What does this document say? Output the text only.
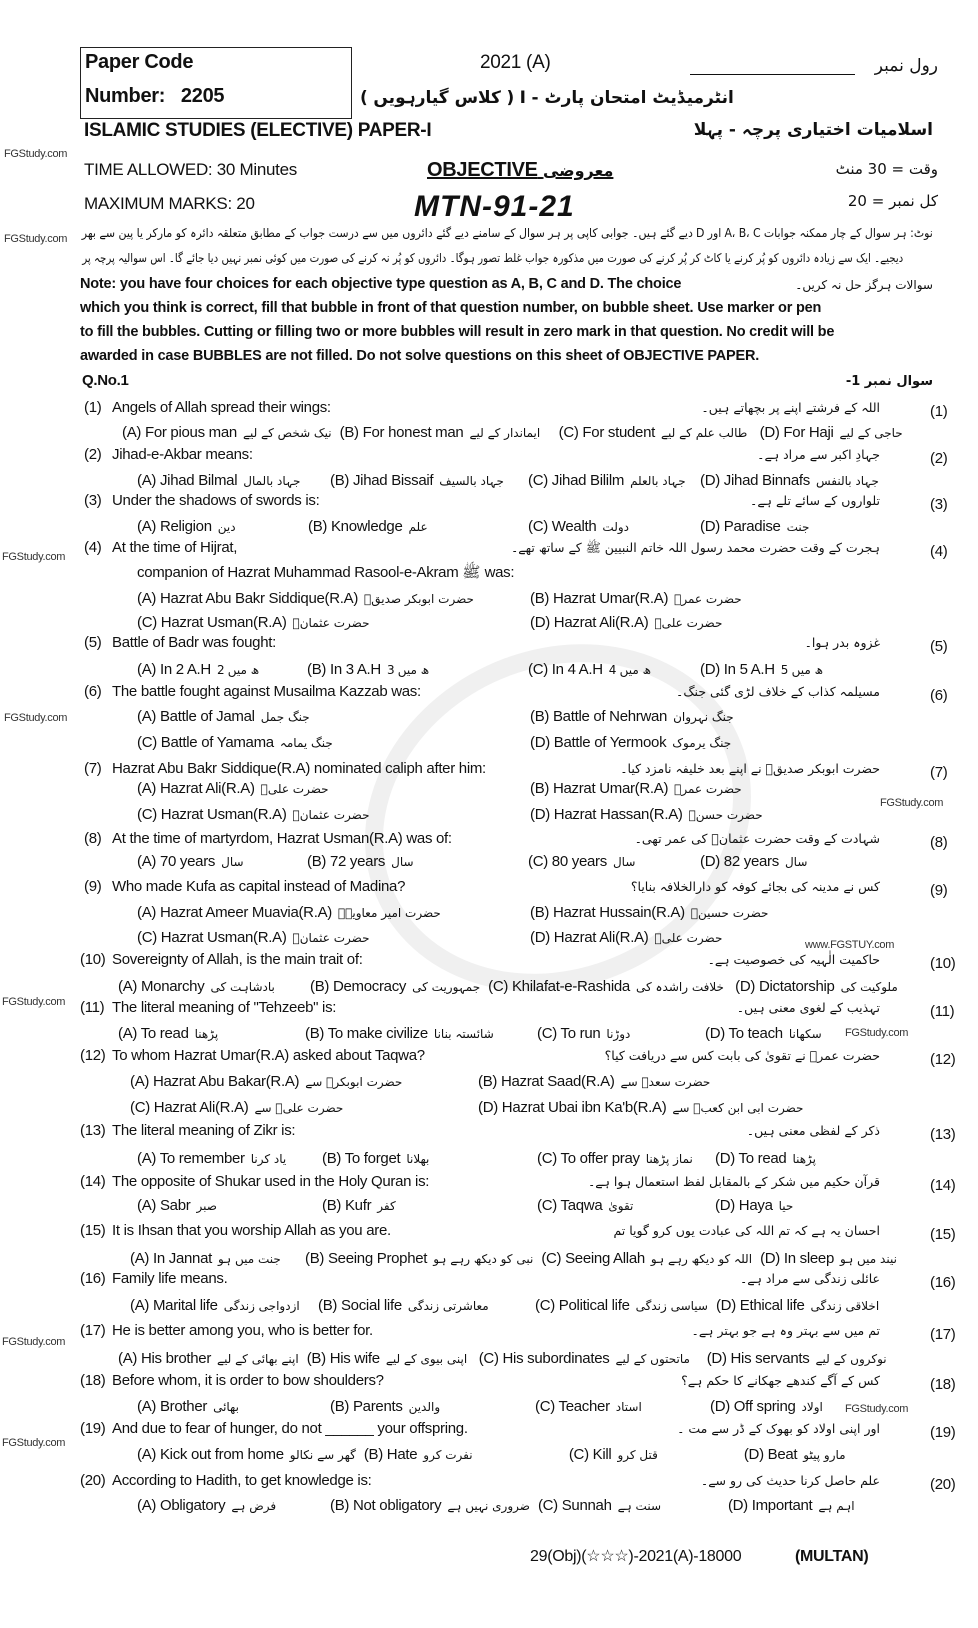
Paper Code
Number: 2205
2021 (A)	رول نمبر
انٹرمیڈیٹ امتحان پارٹ - I ( کلاس گیارہویں )
ISLAMIC STUDIES (ELECTIVE) PAPER-I	اسلامیات اختیاری پرچہ - پہلا
TIME ALLOWED: 30 Minutes	OBJECTIVE معروضی	وقت = 30 منٹ
MAXIMUM MARKS: 20	MTN-91-21	کل نمبر = 20
نوٹ: ہر سوال کے چار ممکنہ جوابات A، B، C اور D دیے گئے ہیں۔ جوابی کاپی پر ہر سوال کے سامنے دیے گئے دائروں میں سے درست جواب کے مطابق متعلقہ دائرہ کو مارکر یا پین سے بھر
دیجیے۔ ایک سے زیادہ دائروں کو پُر کرنے یا کاٹ کر پُر کرنے کی صورت میں مذکورہ جواب غلط تصور ہوگا۔ دائروں کو پُر نہ کرنے کی صورت میں کوئی نمبر نہیں دیا جائے گا۔ اس سوالیہ پرچہ پر
سوالات ہرگز حل نہ کریں۔
Note: you have four choices for each objective type question as A, B, C and D. The choice
which you think is correct, fill that bubble in front of that question number, on bubble sheet. Use marker or pen
to fill the bubbles. Cutting or filling two or more bubbles will result in zero mark in that question. No credit will be
awarded in case BUBBLES are not filled. Do not solve questions on this sheet of OBJECTIVE PAPER.
Q.No.1	سوال نمبر 1-
(1) Angels of Allah spread their wings:	اللہ کے فرشتے اپنے پر بچھاتے ہیں۔	(1)
(A) For pious man نیک شخص کے لیے (B) For honest man ایماندار کے لیے	(C) For student طالب علم کے لیے (D) For Haji حاجی کے لیے
(2) Jihad-e-Akbar means:	جہادِ اکبر سے مراد ہے۔	(2)
(A) Jihad Bilmal جہاد بالمال	(B) Jihad Bissaif جہاد بالسیف	(C) Jihad Bililm جہاد بالعلم (D) Jihad Binnafs جہاد بالنفس
(3) Under the shadows of swords is:	تلواروں کے سائے تلے ہے۔	(3)
(A) Religion دین	(B) Knowledge علم	(C) Wealth دولت	(D) Paradise جنت
(4) At the time of Hijrat,
companion of Hazrat Muhammad Rasool-e-Akram ﷺ was:
ہجرت کے وقت حضرت محمد رسول اللہ خاتم النبیین ﷺ کے ساتھ تھے۔	(4)
(A) Hazrat Abu Bakr Siddique(R.A) حضرت ابوبکر صدیقؓ	(B) Hazrat Umar(R.A) حضرت عمرؓ
(C) Hazrat Usman(R.A) حضرت عثمانؓ	(D) Hazrat Ali(R.A) حضرت علیؓ
(5) Battle of Badr was fought:	غزوہ بدر ہوا۔	(5)
(A) In 2 A.H 2 ھ میں	(B) In 3 A.H 3 ھ میں	(C) In 4 A.H 4 ھ میں	(D) In 5 A.H 5 ھ میں
(6) The battle fought against Musailma Kazzab was:	مسیلمہ کذاب کے خلاف لڑی گئی جنگ۔	(6)
(A) Battle of Jamal جنگ جمل	(B) Battle of Nehrwan جنگ نہروان
(C) Battle of Yamama جنگ یمامہ	(D) Battle of Yermook جنگ یرموک
(7) Hazrat Abu Bakr Siddique(R.A) nominated caliph after him:	حضرت ابوبکر صدیقؓ نے اپنے بعد خلیفہ نامزد کیا۔	(7)
(A) Hazrat Ali(R.A) حضرت علیؓ	(B) Hazrat Umar(R.A) حضرت عمرؓ
(C) Hazrat Usman(R.A) حضرت عثمانؓ	(D) Hazrat Hassan(R.A) حضرت حسنؓ
(8) At the time of martyrdom, Hazrat Usman(R.A) was of:	شہادت کے وقت حضرت عثمانؓ کی عمر تھی۔	(8)
(A) 70 years سال	(B) 72 years سال	(C) 80 years سال	(D) 82 years سال
(9) Who made Kufa as capital instead of Madina?	کس نے مدینہ کی بجائے کوفہ کو دارالخلافہ بنایا؟	(9)
(A) Hazrat Ameer Muavia(R.A) حضرت امیر معاویہؓ	(B) Hazrat Hussain(R.A) حضرت حسینؓ
(C) Hazrat Usman(R.A) حضرت عثمانؓ	(D) Hazrat Ali(R.A) حضرت علیؓ
(10) Sovereignty of Allah, is the main trait of:	حاکمیت الٰہیہ کی خصوصیت ہے۔	(10)
(A) Monarchy بادشاہت کی	(B) Democracy جمہوریت کی (C) Khilafat-e-Rashida خلافت راشدہ کی (D) Dictatorship ملوکیت کی
(11) The literal meaning of "Tehzeeb" is:	تہذیب کے لغوی معنی ہیں۔	(11)
(A) To read پڑھنا	(B) To make civilize شائستہ بنانا	(C) To run دوڑنا	(D) To teach سکھانا
(12) To whom Hazrat Umar(R.A) asked about Taqwa?	حضرت عمرؓ نے تقویٰ کی بابت کس سے دریافت کیا؟	(12)
(A) Hazrat Abu Bakar(R.A) حضرت ابوبکرؓ سے	(B) Hazrat Saad(R.A) حضرت سعدؓ سے
(C) Hazrat Ali(R.A) حضرت علیؓ سے	(D) Hazrat Ubai ibn Ka'b(R.A) حضرت ابی ابن کعبؓ سے
(13) The literal meaning of Zikr is:	ذکر کے لفظی معنی ہیں۔	(13)
(A) To remember یاد کرنا	(B) To forget بھلانا	(C) To offer pray نماز پڑھنا	(D) To read پڑھنا
(14) The opposite of Shukar used in the Holy Quran is:	قرآن حکیم میں شکر کے بالمقابل لفظ استعمال ہوا ہے۔	(14)
(A) Sabr صبر	(B) Kufr کفر	(C) Taqwa تقویٰ	(D) Haya حیا
(15) It is Ihsan that you worship Allah as you are.	احسان یہ ہے کہ تم اللہ کی عبادت یوں کرو گویا تم	(15)
(A) In Jannat جنت میں ہو	(B) Seeing Prophet نبی کو دیکھ رہے ہو (C) Seeing Allah اللہ کو دیکھ رہے ہو (D) In sleep نیند میں ہو
(16) Family life means.	عائلی زندگی سے مراد ہے۔	(16)
(A) Marital life ازدواجی زندگی	(B) Social life معاشرتی زندگی	(C) Political life سیاسی زندگی (D) Ethical life اخلاقی زندگی
(17) He is better among you, who is better for.	تم میں سے بہتر وہ ہے جو بہتر ہے۔	(17)
(A) His brother اپنے بھائی کے لیے (B) His wife اپنی بیوی کے لیے (C) His subordinates ماتحتوں کے لیے	(D) His servants نوکروں کے لیے
(18) Before whom, it is order to bow shoulders?	کس کے آگے کندھے جھکانے کا حکم ہے؟	(18)
(A) Brother بھائی	(B) Parents والدین	(C) Teacher استاد	(D) Off spring اولاد
(19) And due to fear of hunger, do not ______ your offspring.	اور اپنی اولاد کو بھوک کے ڈر سے مت ۔	(19)
(A) Kick out from home گھر سے نکالو (B) Hate نفرت کرو	(C) Kill قتل کرو	(D) Beat مارو پیٹو
(20) According to Hadith, to get knowledge is:	علم حاصل کرنا حدیث کی رو سے۔	(20)
(A) Obligatory فرض ہے	(B) Not obligatory ضروری نہیں ہے (C) Sunnah سنت ہے	(D) Important اہم ہے
FGStudy.com
FGStudy.com
FGStudy.com
FGStudy.com
FGStudy.com
www.FGSTUY.com
FGStudy.com
FGStudy.com
FGStudy.com
FGStudy.com
FGStudy.com
29(Obj)(☆☆☆)-2021(A)-18000	(MULTAN)
